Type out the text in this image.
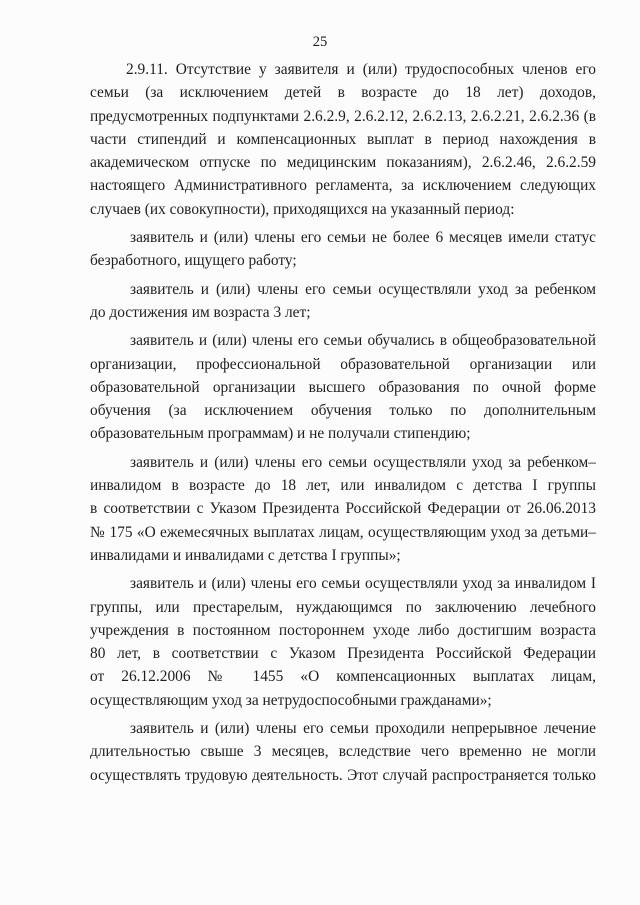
25
2.9.11. Отсутствие у заявителя и (или) трудоспособных членов его
семьи (за исключением детей в возрасте до 18 лет) доходов,
предусмотренных подпунктами 2.6.2.9, 2.6.2.12, 2.6.2.13, 2.6.2.21, 2.6.2.36 (в
части стипендий и компенсационных выплат в период нахождения в
академическом отпуске по медицинским показаниям), 2.6.2.46, 2.6.2.59
настоящего Административного регламента, за исключением следующих
случаев (их совокупности), приходящихся на указанный период:
заявитель и (или) члены его семьи не более 6 месяцев имели статус
безработного, ищущего работу;
заявитель и (или) члены его семьи осуществляли уход за ребенком
до достижения им возраста 3 лет;
заявитель и (или) члены его семьи обучались в общеобразовательной
организации, профессиональной образовательной организации или
образовательной организации высшего образования по очной форме
обучения (за исключением обучения только по дополнительным
образовательным программам) и не получали стипендию;
заявитель и (или) члены его семьи осуществляли уход за ребенком–
инвалидом в возрасте до 18 лет, или инвалидом с детства I группы
в соответствии с Указом Президента Российской Федерации от 26.06.2013
№ 175 «О ежемесячных выплатах лицам, осуществляющим уход за детьми–
инвалидами и инвалидами с детства I группы»;
заявитель и (или) члены его семьи осуществляли уход за инвалидом I
группы, или престарелым, нуждающимся по заключению лечебного
учреждения в постоянном постороннем уходе либо достигшим возраста
80 лет, в соответствии с Указом Президента Российской Федерации
от 26.12.2006 № 1455 «О компенсационных выплатах лицам,
осуществляющим уход за нетрудоспособными гражданами»;
заявитель и (или) члены его семьи проходили непрерывное лечение
длительностью свыше 3 месяцев, вследствие чего временно не могли
осуществлять трудовую деятельность. Этот случай распространяется только
